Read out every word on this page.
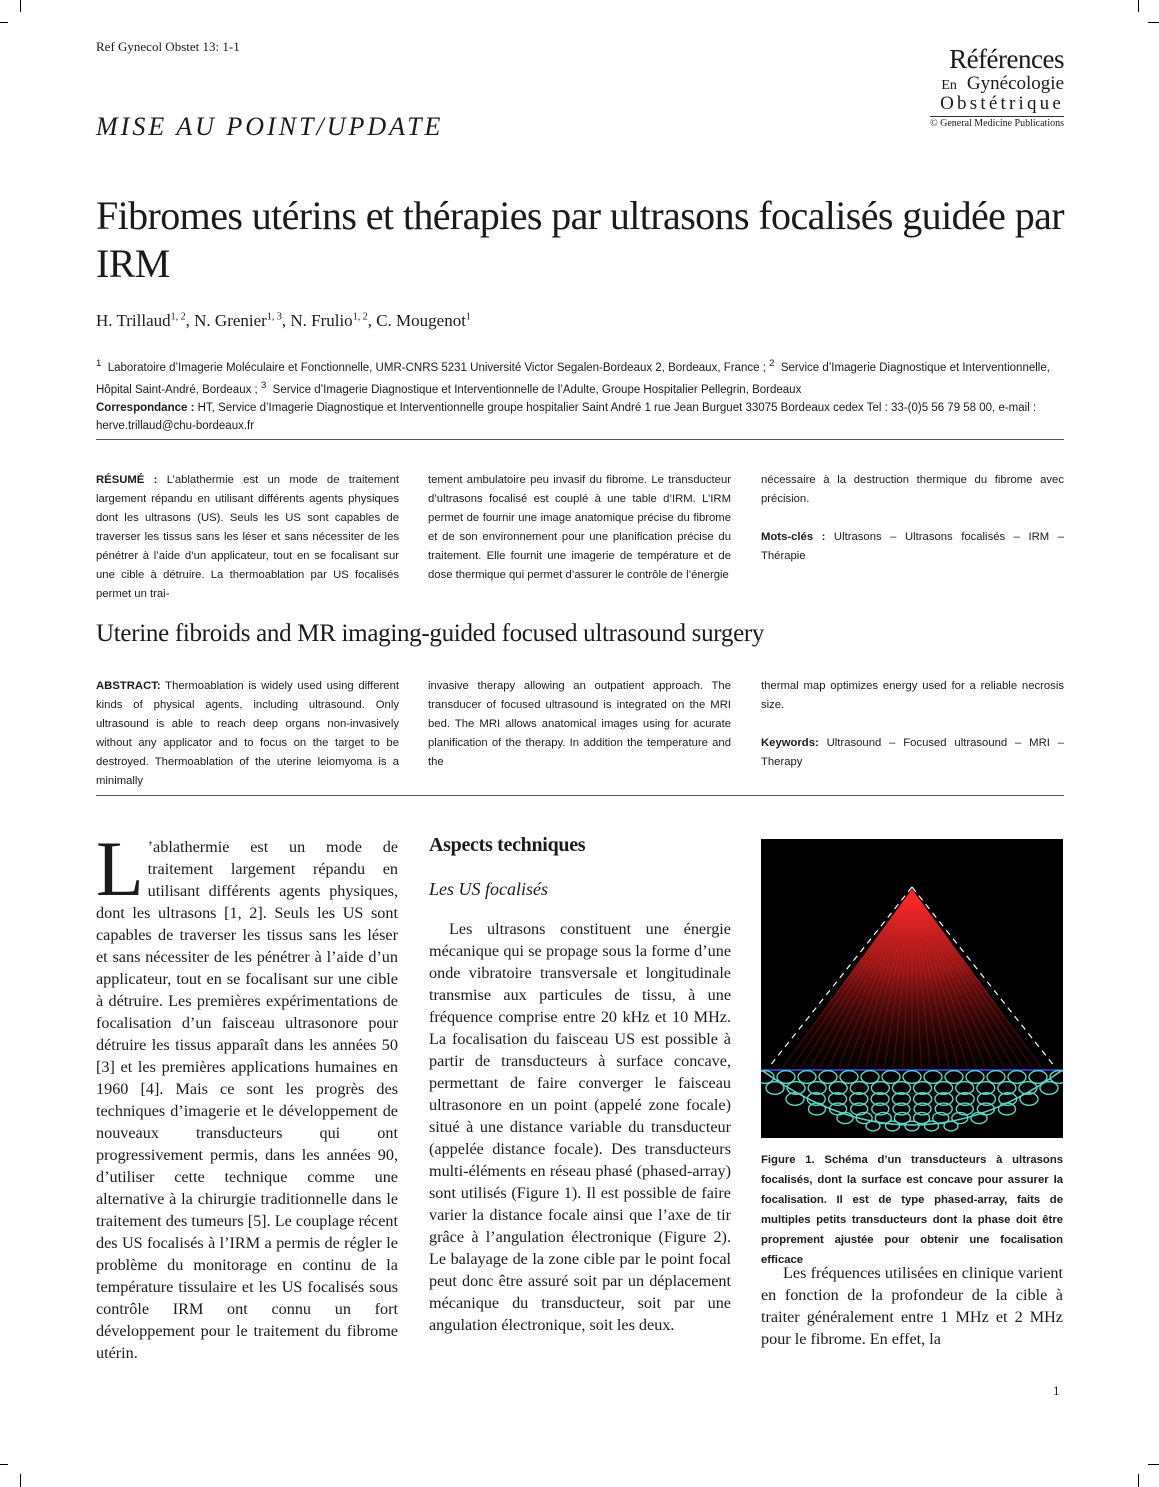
Ref Gynecol Obstet 13: 1-1	Références
En Gynécologie
Obstétrique
© General Medicine Publications
MISE AU POINT/UPDATE
Fibromes utérins et thérapies par ultrasons focalisés guidée par IRM
H. Trillaud$^{1, 2}$, N. Grenier$^{1, 3}$, N. Frulio$^{1, 2}$, C. Mougenot$^1$
$^1$ Laboratoire d’Imagerie Moléculaire et Fonctionnelle, UMR-CNRS 5231 Université Victor Segalen-Bordeaux 2, Bordeaux, France ; $^2$ Service d’Imagerie Diagnostique et Interventionnelle, Hôpital Saint-André, Bordeaux ; $^3$ Service d’Imagerie Diagnostique et Interventionnelle de l’Adulte, Groupe Hospitalier Pellegrin, Bordeaux
Correspondance : HT, Service d’Imagerie Diagnostique et Interventionnelle groupe hospitalier Saint André 1 rue Jean Burguet 33075 Bordeaux cedex Tel : 33-(0)5 56 79 58 00, e-mail : herve.trillaud@chu-bordeaux.fr
RÉSUMÉ : L’ablathermie est un mode de traitement largement répandu en utilisant différents agents physiques dont les ultrasons (US). Seuls les US sont capables de traverser les tissus sans les léser et sans nécessiter de les pénétrer à l’aide d’un applicateur, tout en se focalisant sur une cible à détruire. La thermoablation par US focalisés permet un trai-
tement ambulatoire peu invasif du fibrome. Le transducteur d’ultrasons focalisé est couplé à une table d’IRM. L’IRM permet de fournir une image anatomique précise du fibrome et de son environnement pour une planification précise du traitement. Elle fournit une imagerie de température et de dose thermique qui permet d’assurer le contrôle de l’énergie
nécessaire à la destruction thermique du fibrome avec précision.
Mots-clés : Ultrasons – Ultrasons focalisés – IRM – Thérapie
Uterine fibroids and MR imaging-guided focused ultrasound surgery
ABSTRACT: Thermoablation is widely used using different kinds of physical agents, including ultrasound. Only ultrasound is able to reach deep organs non-invasively without any applicator and to focus on the target to be destroyed. Thermoablation of the uterine leiomyoma is a minimally
invasive therapy allowing an outpatient approach. The transducer of focused ultrasound is integrated on the MRI bed. The MRI allows anatomical images using for acurate planification of the therapy. In addition the temperature and the
thermal map optimizes energy used for a reliable necrosis size.
Keywords: Ultrasound – Focused ultrasound – MRI – Therapy
L ’ablathermie est un mode de traitement largement répandu en utilisant différents agents physiques, dont les ultrasons [1, 2]. Seuls les US sont capables de traverser les tissus sans les léser et sans nécessiter de les pénétrer à l’aide d’un applicateur, tout en se focalisant sur une cible à détruire. Les premières expérimentations de focalisation d’un faisceau ultrasonore pour détruire les tissus apparaît dans les années 50 [3] et les premières applications humaines en 1960 [4]. Mais ce sont les progrès des techniques d’imagerie et le développement de nouveaux transducteurs qui ont progressivement permis, dans les années 90, d’utiliser cette technique comme une alternative à la chirurgie traditionnelle dans le traitement des tumeurs [5]. Le couplage récent des US focalisés à l’IRM a permis de régler le problème du monitorage en continu de la température tissulaire et les US focalisés sous contrôle IRM ont connu un fort développement pour le traitement du fibrome utérin.
Aspects techniques
Les US focalisés
Les ultrasons constituent une énergie mécanique qui se propage sous la forme d’une onde vibratoire transversale et longitudinale transmise aux particules de tissu, à une fréquence comprise entre 20 kHz et 10 MHz. La focalisation du faisceau US est possible à partir de transducteurs à surface concave, permettant de faire converger le faisceau ultrasonore en un point (appelé zone focale) situé à une distance variable du transducteur (appelée distance focale). Des transducteurs multi-éléments en réseau phasé (phased-array) sont utilisés (Figure 1). Il est possible de faire varier la distance focale ainsi que l’axe de tir grâce à l’angulation électronique (Figure 2). Le balayage de la zone cible par le point focal peut donc être assuré soit par un déplacement mécanique du transducteur, soit par une angulation électronique, soit les deux.
Figure 1. Schéma d’un transducteurs à ultrasons focalisés, dont la surface est concave pour assurer la focalisation. Il est de type phased-array, faits de multiples petits transducteurs dont la phase doit être proprement ajustée pour obtenir une focalisation efficace
Les fréquences utilisées en clinique varient en fonction de la profondeur de la cible à traiter généralement entre 1 MHz et 2 MHz pour le fibrome. En effet, la
1
